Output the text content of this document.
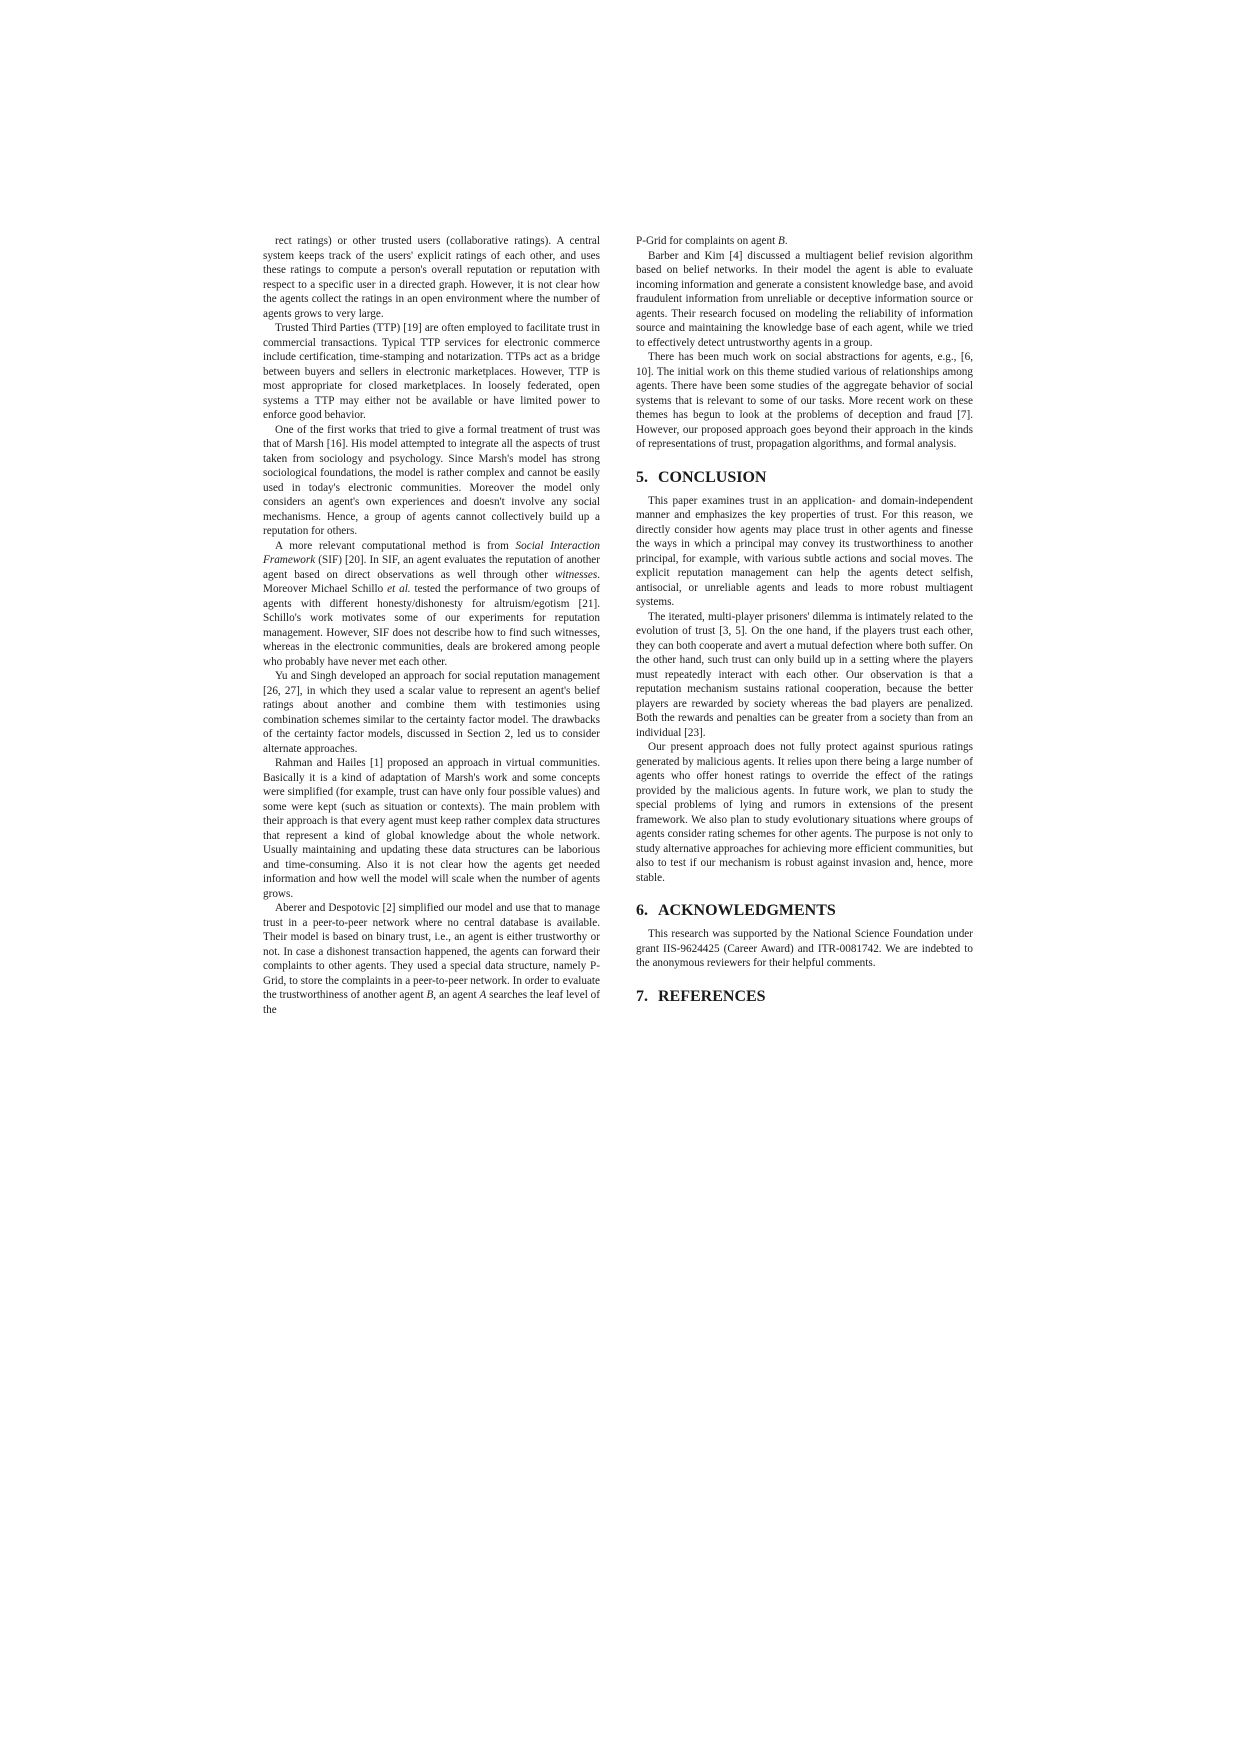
rect ratings) or other trusted users (collaborative ratings). A central system keeps track of the users' explicit ratings of each other, and uses these ratings to compute a person's overall reputation or reputation with respect to a specific user in a directed graph. However, it is not clear how the agents collect the ratings in an open environment where the number of agents grows to very large.

Trusted Third Parties (TTP) [19] are often employed to facilitate trust in commercial transactions. Typical TTP services for electronic commerce include certification, time-stamping and notarization. TTPs act as a bridge between buyers and sellers in electronic marketplaces. However, TTP is most appropriate for closed marketplaces. In loosely federated, open systems a TTP may either not be available or have limited power to enforce good behavior.

One of the first works that tried to give a formal treatment of trust was that of Marsh [16]. His model attempted to integrate all the aspects of trust taken from sociology and psychology. Since Marsh's model has strong sociological foundations, the model is rather complex and cannot be easily used in today's electronic communities. Moreover the model only considers an agent's own experiences and doesn't involve any social mechanisms. Hence, a group of agents cannot collectively build up a reputation for others.

A more relevant computational method is from Social Interaction Framework (SIF) [20]. In SIF, an agent evaluates the reputation of another agent based on direct observations as well through other witnesses. Moreover Michael Schillo et al. tested the performance of two groups of agents with different honesty/dishonesty for altruism/egotism [21]. Schillo's work motivates some of our experiments for reputation management. However, SIF does not describe how to find such witnesses, whereas in the electronic communities, deals are brokered among people who probably have never met each other.

Yu and Singh developed an approach for social reputation management [26, 27], in which they used a scalar value to represent an agent's belief ratings about another and combine them with testimonies using combination schemes similar to the certainty factor model. The drawbacks of the certainty factor models, discussed in Section 2, led us to consider alternate approaches.

Rahman and Hailes [1] proposed an approach in virtual communities. Basically it is a kind of adaptation of Marsh's work and some concepts were simplified (for example, trust can have only four possible values) and some were kept (such as situation or contexts). The main problem with their approach is that every agent must keep rather complex data structures that represent a kind of global knowledge about the whole network. Usually maintaining and updating these data structures can be laborious and time-consuming. Also it is not clear how the agents get needed information and how well the model will scale when the number of agents grows.

Aberer and Despotovic [2] simplified our model and use that to manage trust in a peer-to-peer network where no central database is available. Their model is based on binary trust, i.e., an agent is either trustworthy or not. In case a dishonest transaction happened, the agents can forward their complaints to other agents. They used a special data structure, namely P-Grid, to store the complaints in a peer-to-peer network. In order to evaluate the trustworthiness of another agent B, an agent A searches the leaf level of the

P-Grid for complaints on agent B.

Barber and Kim [4] discussed a multiagent belief revision algorithm based on belief networks. In their model the agent is able to evaluate incoming information and generate a consistent knowledge base, and avoid fraudulent information from unreliable or deceptive information source or agents. Their research focused on modeling the reliability of information source and maintaining the knowledge base of each agent, while we tried to effectively detect untrustworthy agents in a group.

There has been much work on social abstractions for agents, e.g., [6, 10]. The initial work on this theme studied various of relationships among agents. There have been some studies of the aggregate behavior of social systems that is relevant to some of our tasks. More recent work on these themes has begun to look at the problems of deception and fraud [7]. However, our proposed approach goes beyond their approach in the kinds of representations of trust, propagation algorithms, and formal analysis.

5. CONCLUSION

This paper examines trust in an application- and domain-independent manner and emphasizes the key properties of trust. For this reason, we directly consider how agents may place trust in other agents and finesse the ways in which a principal may convey its trustworthiness to another principal, for example, with various subtle actions and social moves. The explicit reputation management can help the agents detect selfish, antisocial, or unreliable agents and leads to more robust multiagent systems.

The iterated, multi-player prisoners' dilemma is intimately related to the evolution of trust [3, 5]. On the one hand, if the players trust each other, they can both cooperate and avert a mutual defection where both suffer. On the other hand, such trust can only build up in a setting where the players must repeatedly interact with each other. Our observation is that a reputation mechanism sustains rational cooperation, because the better players are rewarded by society whereas the bad players are penalized. Both the rewards and penalties can be greater from a society than from an individual [23].

Our present approach does not fully protect against spurious ratings generated by malicious agents. It relies upon there being a large number of agents who offer honest ratings to override the effect of the ratings provided by the malicious agents. In future work, we plan to study the special problems of lying and rumors in extensions of the present framework. We also plan to study evolutionary situations where groups of agents consider rating schemes for other agents. The purpose is not only to study alternative approaches for achieving more efficient communities, but also to test if our mechanism is robust against invasion and, hence, more stable.

6. ACKNOWLEDGMENTS

This research was supported by the National Science Foundation under grant IIS-9624425 (Career Award) and ITR-0081742. We are indebted to the anonymous reviewers for their helpful comments.

7. REFERENCES
